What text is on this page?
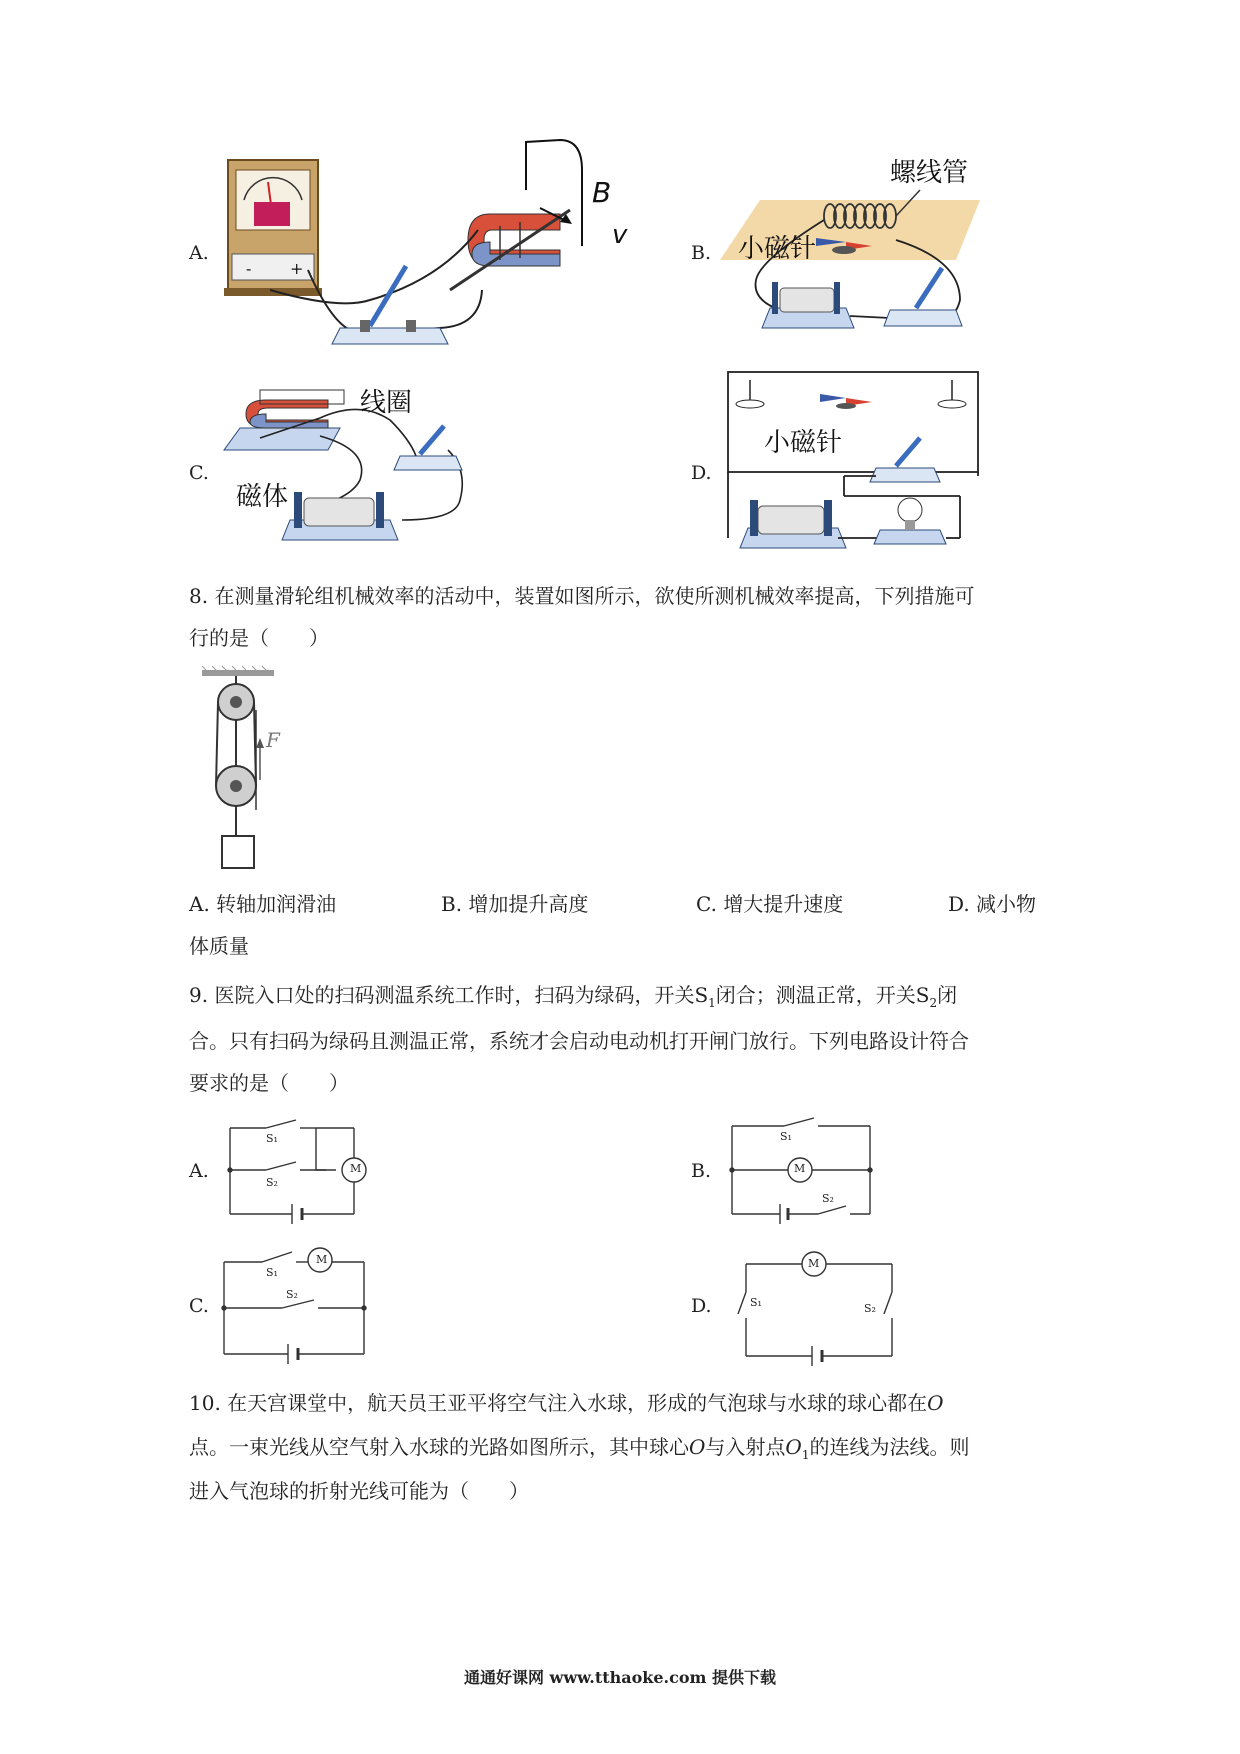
A.
- +
B
v
B.
螺线管
小磁针
C.
线圈
磁体
D.
小磁针
8. 在测量滑轮组机械效率的活动中，装置如图所示，欲使所测机械效率提高，下列措施可
行的是（　　）
F
A. 转轴加润滑油	B. 增加提升高度	C. 增大提升速度	D. 减小物
体质量
9. 医院入口处的扫码测温系统工作时，扫码为绿码，开关$S_1$闭合；测温正常，开关$S_2$闭
合。只有扫码为绿码且测温正常，系统才会启动电动机打开闸门放行。下列电路设计符合
要求的是（　　）
A.	M
S₁
S₂
B.	M
S₁
S₂
C.
M
S₁
S₂
D.
M
S₁	S₂
10. 在天宫课堂中，航天员王亚平将空气注入水球，形成的气泡球与水球的球心都在O
点。一束光线从空气射入水球的光路如图所示，其中球心O与入射点$O_1$的连线为法线。则
进入气泡球的折射光线可能为（　　）
通通好课网 www.tthaoke.com 提供下载
